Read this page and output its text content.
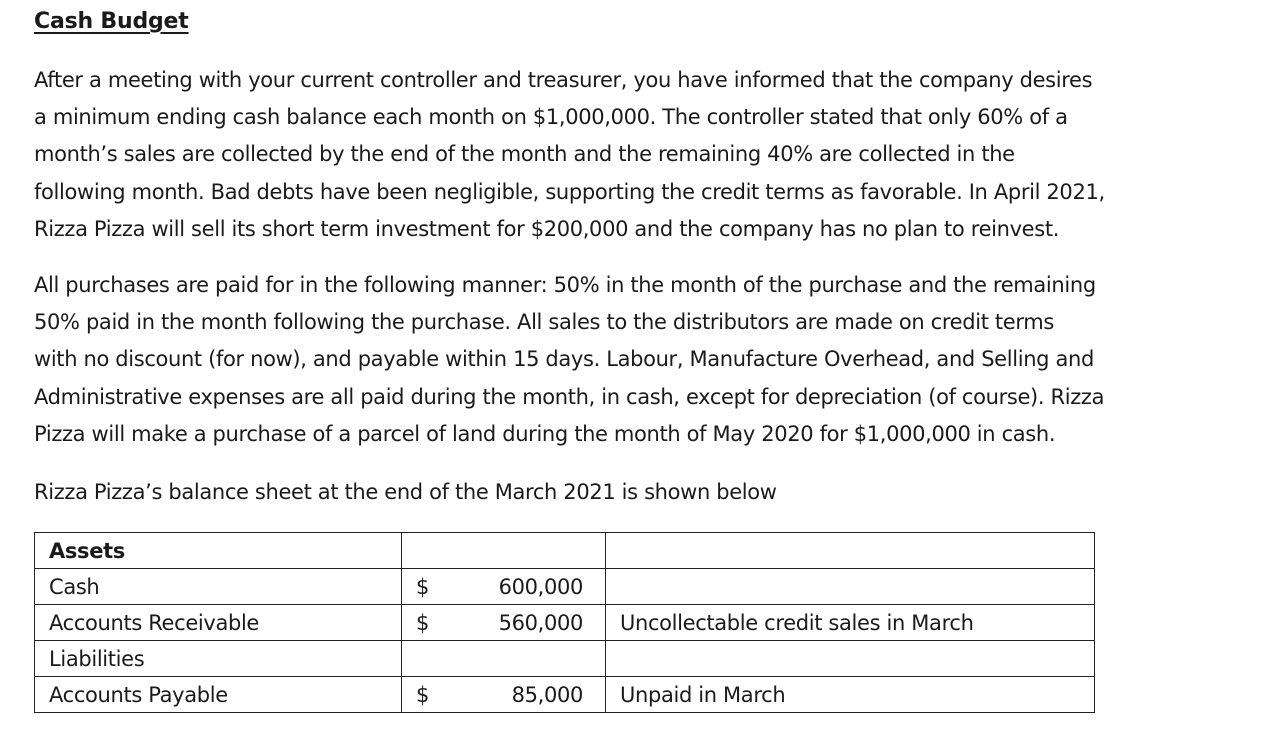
Cash Budget

After a meeting with your current controller and treasurer, you have informed that the company desires
a minimum ending cash balance each month on $1,000,000. The controller stated that only 60% of a
month’s sales are collected by the end of the month and the remaining 40% are collected in the
following month. Bad debts have been negligible, supporting the credit terms as favorable. In April 2021,
Rizza Pizza will sell its short term investment for $200,000 and the company has no plan to reinvest.

All purchases are paid for in the following manner: 50% in the month of the purchase and the remaining
50% paid in the month following the purchase. All sales to the distributors are made on credit terms
with no discount (for now), and payable within 15 days. Labour, Manufacture Overhead, and Selling and
Administrative expenses are all paid during the month, in cash, except for depreciation (of course). Rizza
Pizza will make a purchase of a parcel of land during the month of May 2020 for $1,000,000 in cash.

Rizza Pizza’s balance sheet at the end of the March 2021 is shown below

Assets		
Cash	$ 600,000	

Accounts Receivable	$ 560,000	Uncollectable credit sales in March
Liabilities		
Accounts Payable	$ 85,000	Unpaid in March
